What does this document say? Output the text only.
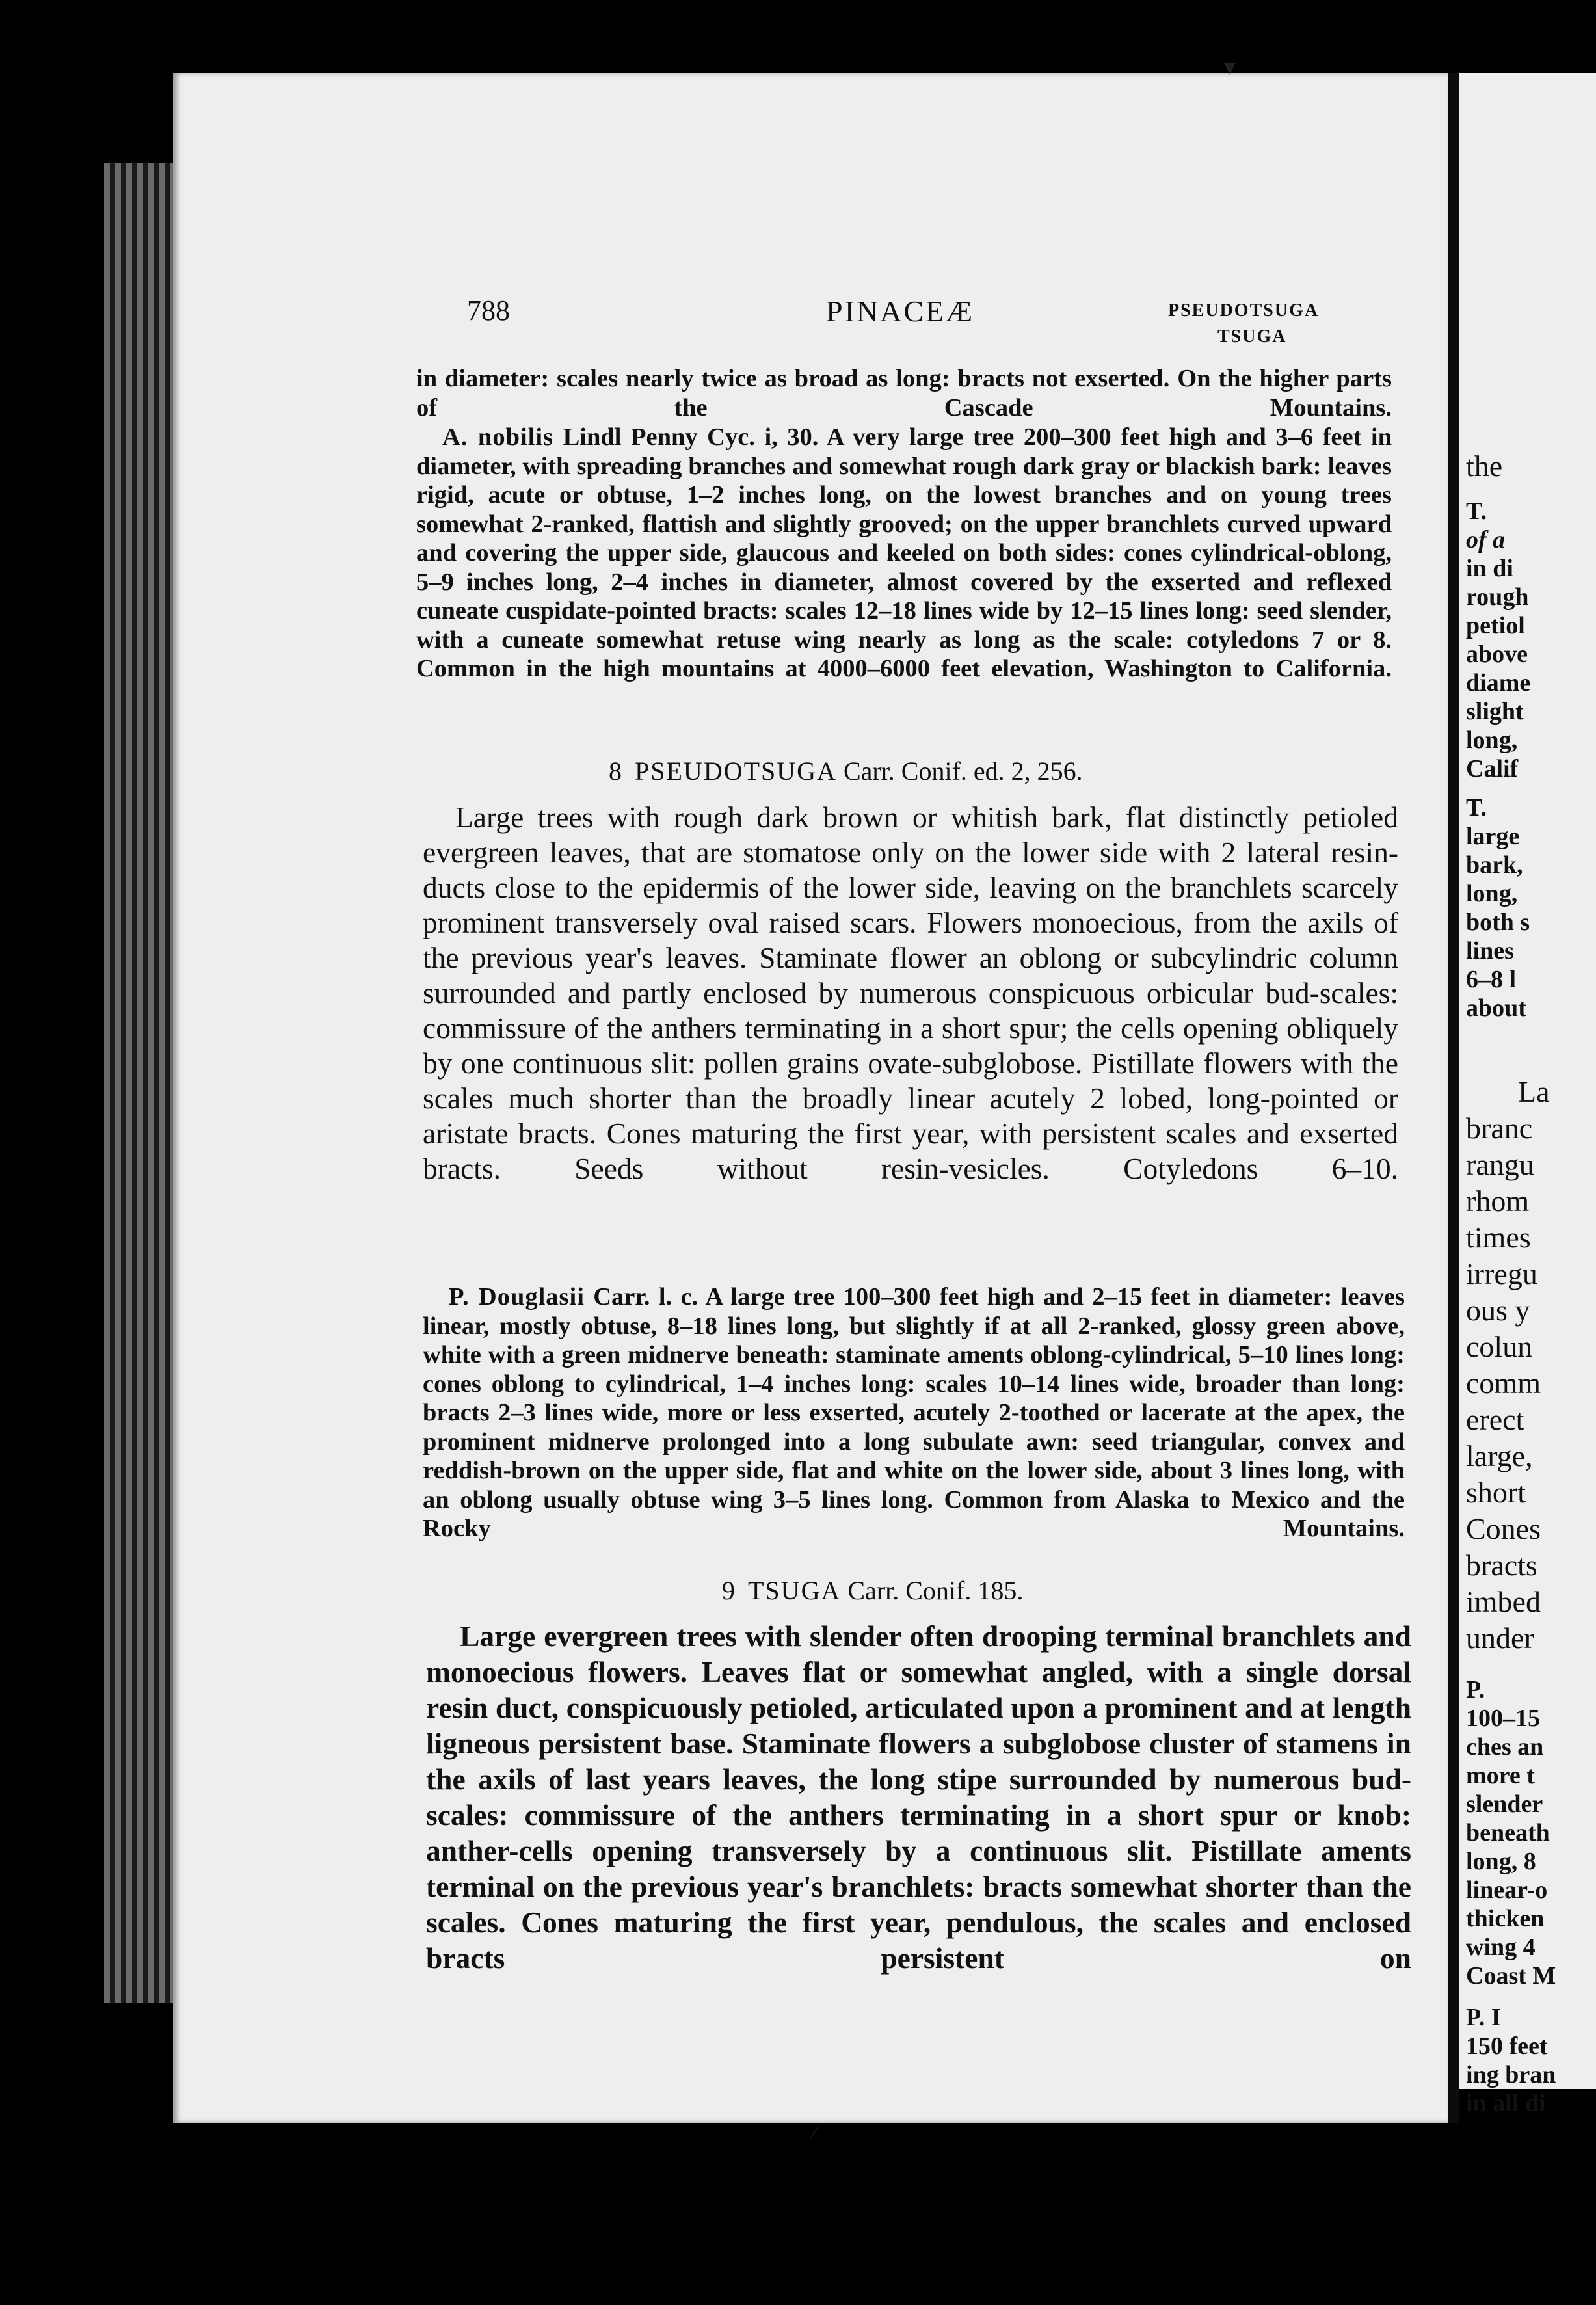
the
T.
of a
in di
rough
petiol
above
diame
slight
long,
Calif
T.
large
bark,
long,
both s
lines
6–8 l
about
La
branc
rangu
rhom
times
irregu
ous y
colun
comm
erect
large,
short
Cones
bracts
imbed
under
P.
100–15
ches an
more t
slender
beneath
long, 8
linear-o
thicken
wing 4
Coast M
P. I
150 feet
ing bran
in all di
788	PINACEÆ	PSEUDOTSUGA
TSUGA
in diameter: scales nearly twice as broad as long: bracts not exserted. On the higher parts of the Cascade Mountains.
A. nobilis Lindl Penny Cyc. i, 30. A very large tree 200–300 feet high and 3–6 feet in diameter, with spreading branches and somewhat rough dark gray or blackish bark: leaves rigid, acute or obtuse, 1–2 inches long, on the lowest branches and on young trees somewhat 2-ranked, flattish and slightly grooved; on the upper branchlets curved upward and covering the upper side, glaucous and keeled on both sides: cones cylindrical-oblong, 5–9 inches long, 2–4 inches in diameter, almost covered by the exserted and reflexed cuneate cuspidate-pointed bracts: scales 12–18 lines wide by 12–15 lines long: seed slender, with a cuneate somewhat retuse wing nearly as long as the scale: cotyledons 7 or 8. Common in the high mountains at 4000–6000 feet elevation, Washington to California.
8 PSEUDOTSUGA Carr. Conif. ed. 2, 256.
Large trees with rough dark brown or whitish bark, flat distinctly petioled evergreen leaves, that are stomatose only on the lower side with 2 lateral resin-ducts close to the epidermis of the lower side, leaving on the branchlets scarcely prominent transversely oval raised scars. Flowers monoecious, from the axils of the previous year's leaves. Staminate flower an oblong or subcylindric column surrounded and partly enclosed by numerous conspicuous orbicular bud-scales: commissure of the anthers terminating in a short spur; the cells opening obliquely by one continuous slit: pollen grains ovate-subglobose. Pistillate flowers with the scales much shorter than the broadly linear acutely 2 lobed, long-pointed or aristate bracts. Cones maturing the first year, with persistent scales and exserted bracts. Seeds without resin-vesicles. Cotyledons 6–10.
P. Douglasii Carr. l. c. A large tree 100–300 feet high and 2–15 feet in diameter: leaves linear, mostly obtuse, 8–18 lines long, but slightly if at all 2-ranked, glossy green above, white with a green midnerve beneath: staminate aments oblong-cylindrical, 5–10 lines long: cones oblong to cylindrical, 1–4 inches long: scales 10–14 lines wide, broader than long: bracts 2–3 lines wide, more or less exserted, acutely 2-toothed or lacerate at the apex, the prominent midnerve prolonged into a long subulate awn: seed triangular, convex and reddish-brown on the upper side, flat and white on the lower side, about 3 lines long, with an oblong usually obtuse wing 3–5 lines long. Common from Alaska to Mexico and the Rocky Mountains.
9 TSUGA Carr. Conif. 185.
Large evergreen trees with slender often drooping terminal branchlets and monoecious flowers. Leaves flat or somewhat angled, with a single dorsal resin duct, conspicuously petioled, articulated upon a prominent and at length ligneous persistent base. Staminate flowers a subglobose cluster of stamens in the axils of last years leaves, the long stipe surrounded by numerous bud-scales: commissure of the anthers terminating in a short spur or knob: anther-cells opening transversely by a continuous slit. Pistillate aments terminal on the previous year's branchlets: bracts somewhat shorter than the scales. Cones maturing the first year, pendulous, the scales and enclosed bracts persistent on
▼
⁄
